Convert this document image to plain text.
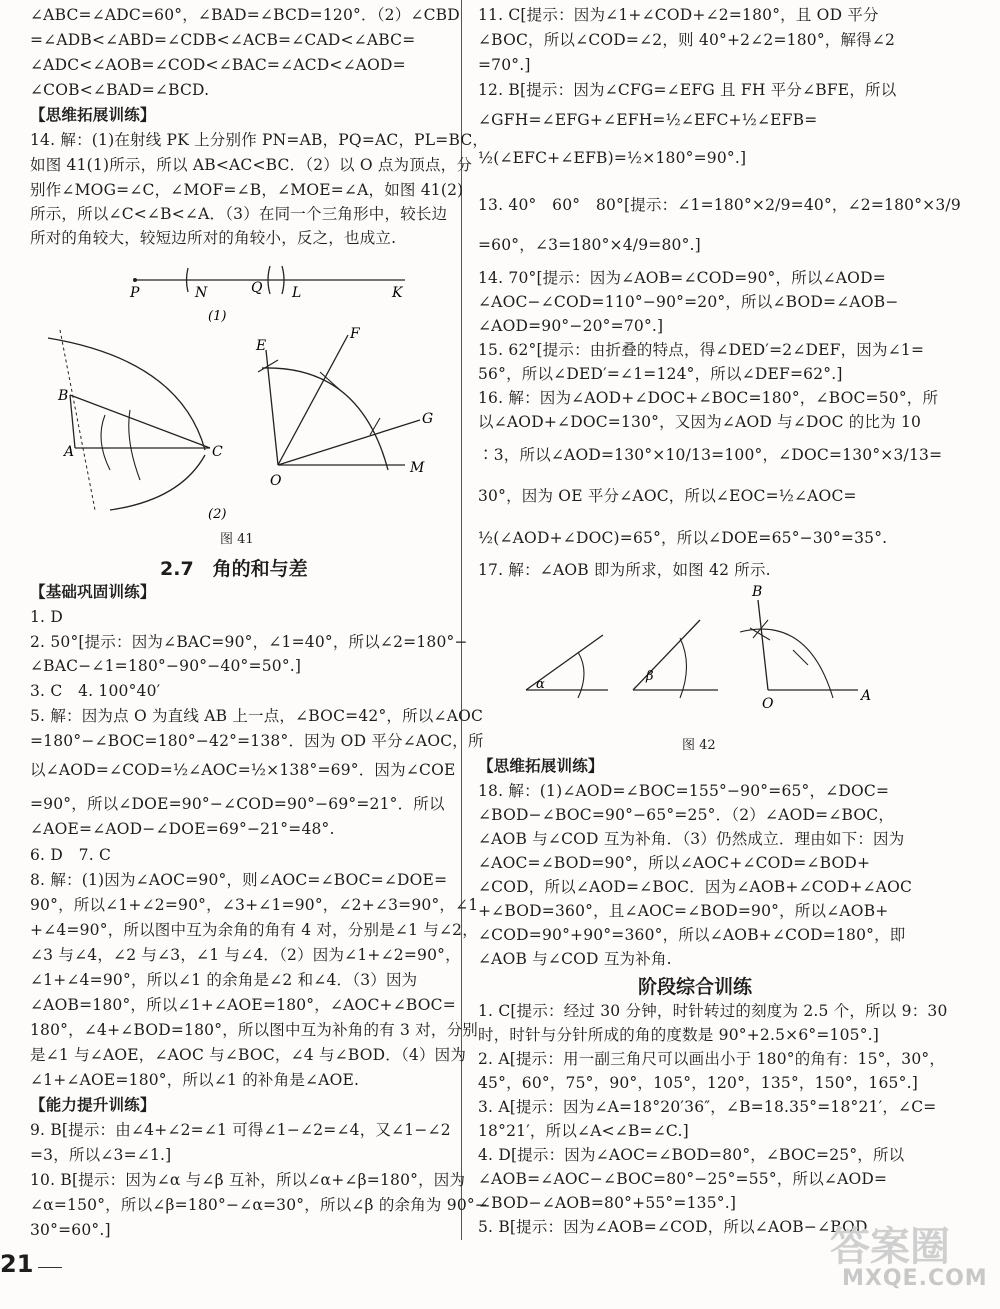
∠ABC=∠ADC=60°，∠BAD=∠BCD=120°．（2）∠CBD
=∠ADB<∠ABD=∠CDB<∠ACB=∠CAD<∠ABC=
∠ADC<∠AOB=∠COD<∠BAC=∠ACD<∠AOD=
∠COB<∠BAD=∠BCD.
【思维拓展训练】
14. 解：(1)在射线 PK 上分别作 PN=AB，PQ=AC，PL=BC，
如图 41(1)所示，所以 AB<AC<BC．（2）以 O 点为顶点，分
别作∠MOG=∠C，∠MOF=∠B，∠MOE=∠A，如图 41(2)
所示，所以∠C<∠B<∠A．（3）在同一个三角形中，较长边
所对的角较大，较短边所对的角较小，反之，也成立.
P	N	Q L	K
(1)
B
A	C
E
F
G
O
M
(2)
图 41
2.7　角的和与差
【基础巩固训练】
1. D
2. 50°[提示：因为∠BAC=90°，∠1=40°，所以∠2=180°−
∠BAC−∠1=180°−90°−40°=50°.]
3. C　4. 100°40′
5. 解：因为点 O 为直线 AB 上一点，∠BOC=42°，所以∠AOC
=180°−∠BOC=180°−42°=138°．因为 OD 平分∠AOC，所
以∠AOD=∠COD=½∠AOC=½×138°=69°．因为∠COE
=90°，所以∠DOE=90°−∠COD=90°−69°=21°．所以
∠AOE=∠AOD−∠DOE=69°−21°=48°.
6. D　7. C
8. 解：(1)因为∠AOC=90°，则∠AOC=∠BOC=∠DOE=
90°，所以∠1+∠2=90°，∠3+∠1=90°，∠2+∠3=90°，∠1
+∠4=90°，所以图中互为余角的角有 4 对，分别是∠1 与∠2，
∠3 与∠4，∠2 与∠3，∠1 与∠4．（2）因为∠1+∠2=90°，
∠1+∠4=90°，所以∠1 的余角是∠2 和∠4．（3）因为
∠AOB=180°，所以∠1+∠AOE=180°，∠AOC+∠BOC=
180°，∠4+∠BOD=180°，所以图中互为补角的有 3 对，分别
是∠1 与∠AOE，∠AOC 与∠BOC，∠4 与∠BOD．（4）因为
∠1+∠AOE=180°，所以∠1 的补角是∠AOE.
【能力提升训练】
9. B[提示：由∠4+∠2=∠1 可得∠1−∠2=∠4，又∠1−∠2
=3，所以∠3=∠1.]
10. B[提示：因为∠α 与∠β 互补，所以∠α+∠β=180°，因为
∠α=150°，所以∠β=180°−∠α=30°，所以∠β 的余角为 90°−
30°=60°.]
21
11. C[提示：因为∠1+∠COD+∠2=180°，且 OD 平分
∠BOC，所以∠COD=∠2，则 40°+2∠2=180°，解得∠2
=70°.]
12. B[提示：因为∠CFG=∠EFG 且 FH 平分∠BFE，所以
∠GFH=∠EFG+∠EFH=½∠EFC+½∠EFB=
½(∠EFC+∠EFB)=½×180°=90°.]
13. 40°　60°　80°[提示：∠1=180°×2/9=40°，∠2=180°×3/9
=60°，∠3=180°×4/9=80°.]
14. 70°[提示：因为∠AOB=∠COD=90°，所以∠AOD=
∠AOC−∠COD=110°−90°=20°，所以∠BOD=∠AOB−
∠AOD=90°−20°=70°.]
15. 62°[提示：由折叠的特点，得∠DED′=2∠DEF，因为∠1=
56°，所以∠DED′=∠1=124°，所以∠DEF=62°.]
16. 解：因为∠AOD+∠DOC+∠BOC=180°，∠BOC=50°，所
以∠AOD+∠DOC=130°，又因为∠AOD 与∠DOC 的比为 10
∶3，所以∠AOD=130°×10/13=100°，∠DOC=130°×3/13=
30°，因为 OE 平分∠AOC，所以∠EOC=½∠AOC=
½(∠AOD+∠DOC)=65°，所以∠DOE=65°−30°=35°.
17. 解：∠AOB 即为所求，如图 42 所示.
α
β
B
O	A
图 42
【思维拓展训练】
18. 解：(1)∠AOD=∠BOC=155°−90°=65°，∠DOC=
∠BOD−∠BOC=90°−65°=25°．（2）∠AOD=∠BOC，
∠AOB 与∠COD 互为补角．（3）仍然成立．理由如下：因为
∠AOC=∠BOD=90°，所以∠AOC+∠COD=∠BOD+
∠COD，所以∠AOD=∠BOC．因为∠AOB+∠COD+∠AOC
+∠BOD=360°，且∠AOC=∠BOD=90°，所以∠AOB+
∠COD=90°+90°=360°，所以∠AOB+∠COD=180°，即
∠AOB 与∠COD 互为补角.
阶段综合训练
1. C[提示：经过 30 分钟，时针转过的刻度为 2.5 个，所以 9：30
时，时针与分针所成的角的度数是 90°+2.5×6°=105°.]
2. A[提示：用一副三角尺可以画出小于 180°的角有：15°，30°，
45°，60°，75°，90°，105°，120°，135°，150°，165°.]
3. A[提示：因为∠A=18°20′36″，∠B=18.35°=18°21′，∠C=
18°21′，所以∠A<∠B=∠C.]
4. D[提示：因为∠AOC=∠BOD=80°，∠BOC=25°，所以
∠AOB=∠AOC−∠BOC=80°−25°=55°，所以∠AOD=
∠BOD−∠AOB=80°+55°=135°.]
5. B[提示：因为∠AOB=∠COD，所以∠AOB−∠BOD
答案圈
MXQE.COM
